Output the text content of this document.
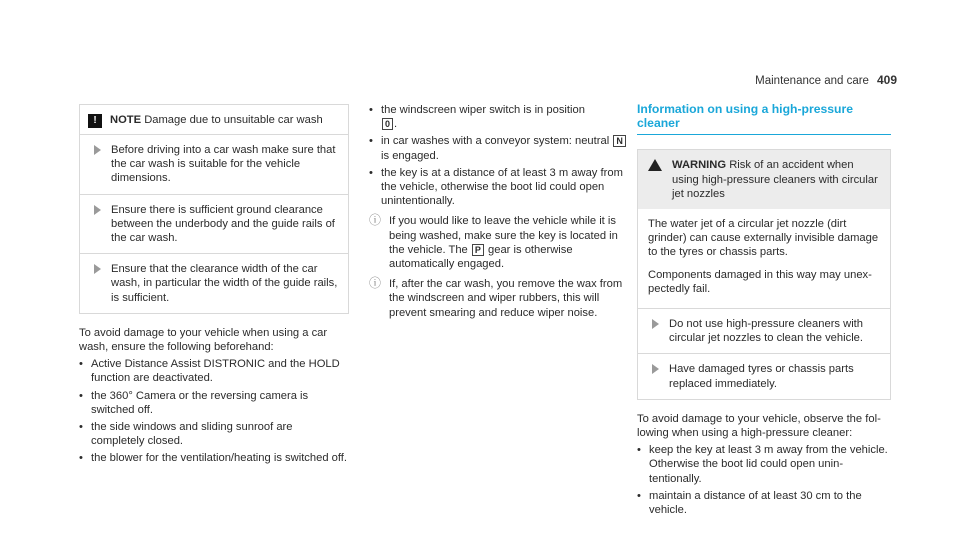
Maintenance and care 409
!	NOTE Damage due to unsuitable car wash
Before driving into a car wash make sure that the car wash is suitable for the vehicle dimensions.
Ensure there is sufficient ground clearance between the underbody and the guide rails of the car wash.
Ensure that the clearance width of the car wash, in particular the width of the guide rails, is sufficient.

To avoid damage to your vehicle when using a car wash, ensure the following beforehand:

• Active Distance Assist DISTRONIC and the HOLD function are deactivated.
• the 360° Camera or the reversing camera is switched off.
• the side windows and sliding sunroof are completely closed.
• the blower for the ventilation/heating is switched off.
• the windscreen wiper switch is in position
0 .
• in car washes with a conveyor system: neutral N is engaged.
• the key is at a distance of at least 3 m away from the vehicle, otherwise the boot lid could open unintentionally.
ⓘ If you would like to leave the vehicle while it is being washed, make sure the key is located in the vehicle. The P gear is otherwise automatically engaged.
ⓘ If, after the car wash, you remove the wax from the windscreen and wiper rubbers, this will prevent smearing and reduce wiper noise.
Information on using a high-pressure cleaner
WARNING Risk of an accident when using high-pressure cleaners with circular jet nozzles

The water jet of a circular jet nozzle (dirt grinder) can cause externally invisible damage to the tyres or chassis parts.

Components damaged in this way may unexpectedly fail.

Do not use high-pressure cleaners with circular jet nozzles to clean the vehicle.
Have damaged tyres or chassis parts replaced immediately.

To avoid damage to your vehicle, observe the following when using a high-pressure cleaner:

• keep the key at least 3 m away from the vehicle. Otherwise the boot lid could open unintentionally.
• maintain a distance of at least 30 cm to the vehicle.
